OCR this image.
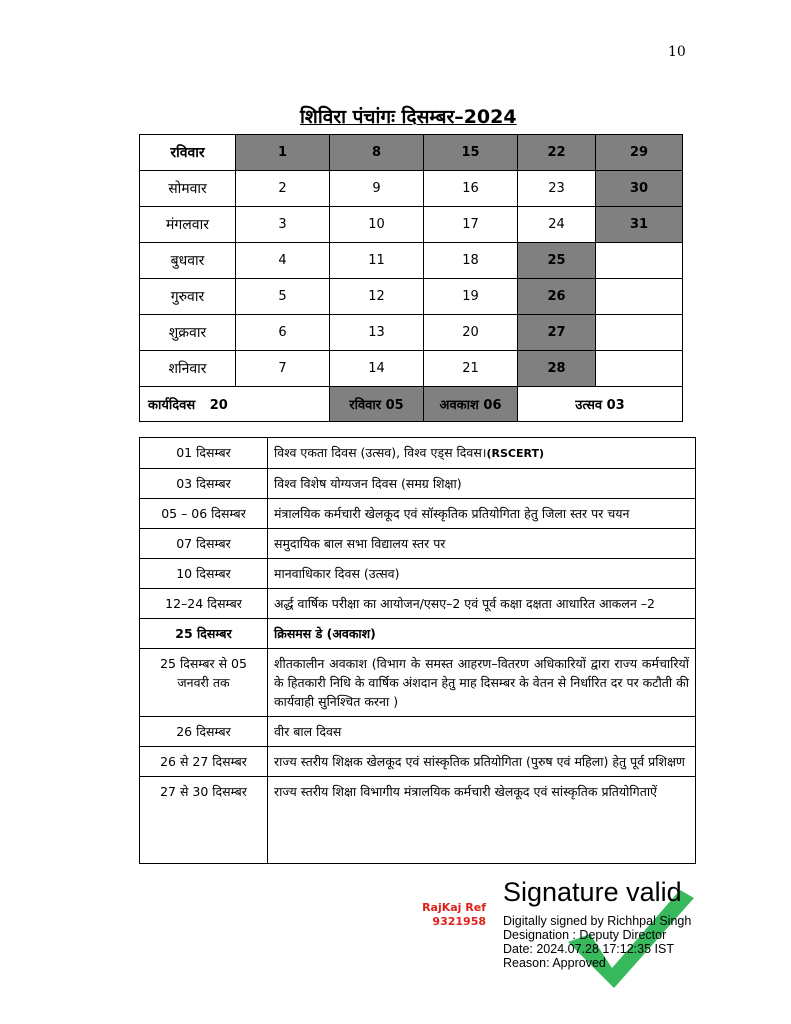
10
शिविरा पंचांगः दिसम्बर–2024
रविवार	1	8	15	22	29
सोमवार	2	9	16	23	30
मंगलवार	3	10	17	24	31
बुधवार	4	11	18	25	
गुरुवार	5	12	19	26	
शुक्रवार	6	13	20	27	
शनिवार	7	14	21	28	
कार्यदिवस 20		रविवार 05	अवकाश 06	उत्सव 03	
01 दिसम्बर	विश्व एकता दिवस (उत्सव), विश्व एड्स दिवस।(RSCERT)
03 दिसम्बर	विश्व विशेष योग्यजन दिवस (समग्र शिक्षा)
05 – 06 दिसम्बर	मंत्रालयिक कर्मचारी खेलकूद एवं सॉस्कृतिक प्रतियोगिता हेतु जिला स्तर पर चयन
07 दिसम्बर	समुदायिक बाल सभा विद्यालय स्तर पर
10 दिसम्बर	मानवाधिकार दिवस (उत्सव)
12–24 दिसम्बर	अर्द्ध वार्षिक परीक्षा का आयोजन/एसए–2 एवं पूर्व कक्षा दक्षता आधारित आकलन –2
25 दिसम्बर	क्रिसमस डे (अवकाश)
25 दिसम्बर से 05 जनवरी तक	शीतकालीन अवकाश (विभाग के समस्त आहरण–वितरण अधिकारियों द्वारा राज्य कर्मचारियों के हितकारी निधि के वार्षिक अंशदान हेतु माह दिसम्बर के वेतन से निर्धारित दर पर कटौती की कार्यवाही सुनिश्चित करना )
26 दिसम्बर	वीर बाल दिवस
26 से 27 दिसम्बर	राज्य स्तरीय शिक्षक खेलकूद एवं सांस्कृतिक प्रतियोगिता (पुरुष एवं महिला) हेतु पूर्व प्रशिक्षण
27 से 30 दिसम्बर	राज्य स्तरीय शिक्षा विभागीय मंत्रालयिक कर्मचारी खेलकूद एवं सांस्कृतिक प्रतियोगिताऐं
RajKaj Ref
9321958
Signature valid
Digitally signed by Richhpal Singh
Designation : Deputy Director
Date: 2024.07.28 17:12:35 IST
Reason: Approved
